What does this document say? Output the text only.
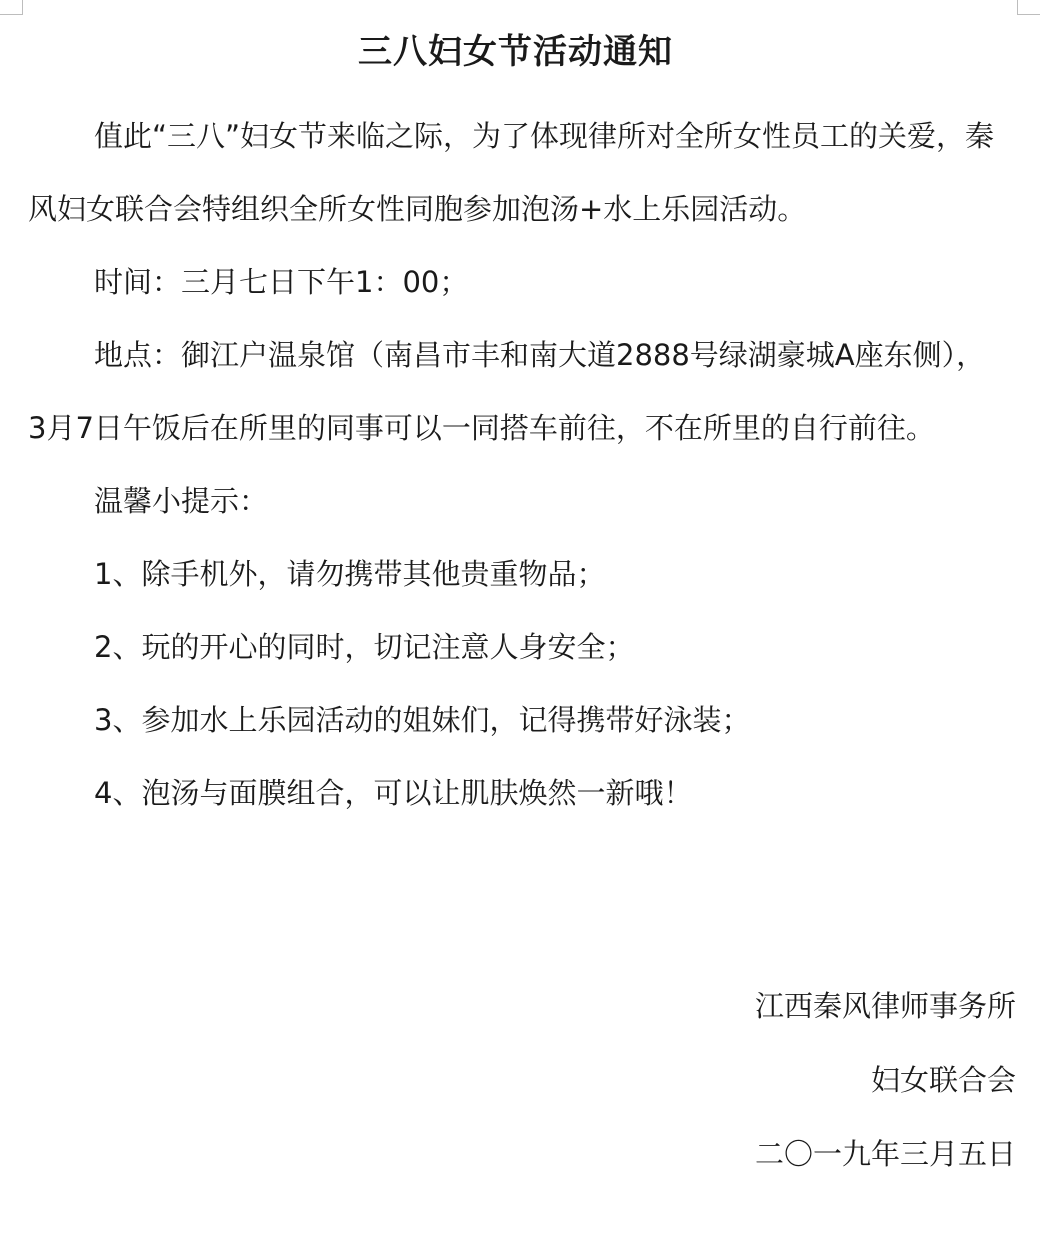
三八妇女节活动通知

值此“三八”妇女节来临之际，为了体现律所对全所女性员工的关爱，秦风妇女联合会特组织全所女性同胞参加泡汤+水上乐园活动。

时间：三月七日下午1：00；

地点：御江户温泉馆（南昌市丰和南大道2888号绿湖豪城A座东侧），3月7日午饭后在所里的同事可以一同搭车前往，不在所里的自行前往。

温馨小提示：

1、除手机外，请勿携带其他贵重物品；

2、玩的开心的同时，切记注意人身安全；

3、参加水上乐园活动的姐妹们，记得携带好泳装；

4、泡汤与面膜组合，可以让肌肤焕然一新哦！

江西秦风律师事务所
妇女联合会
二〇一九年三月五日
